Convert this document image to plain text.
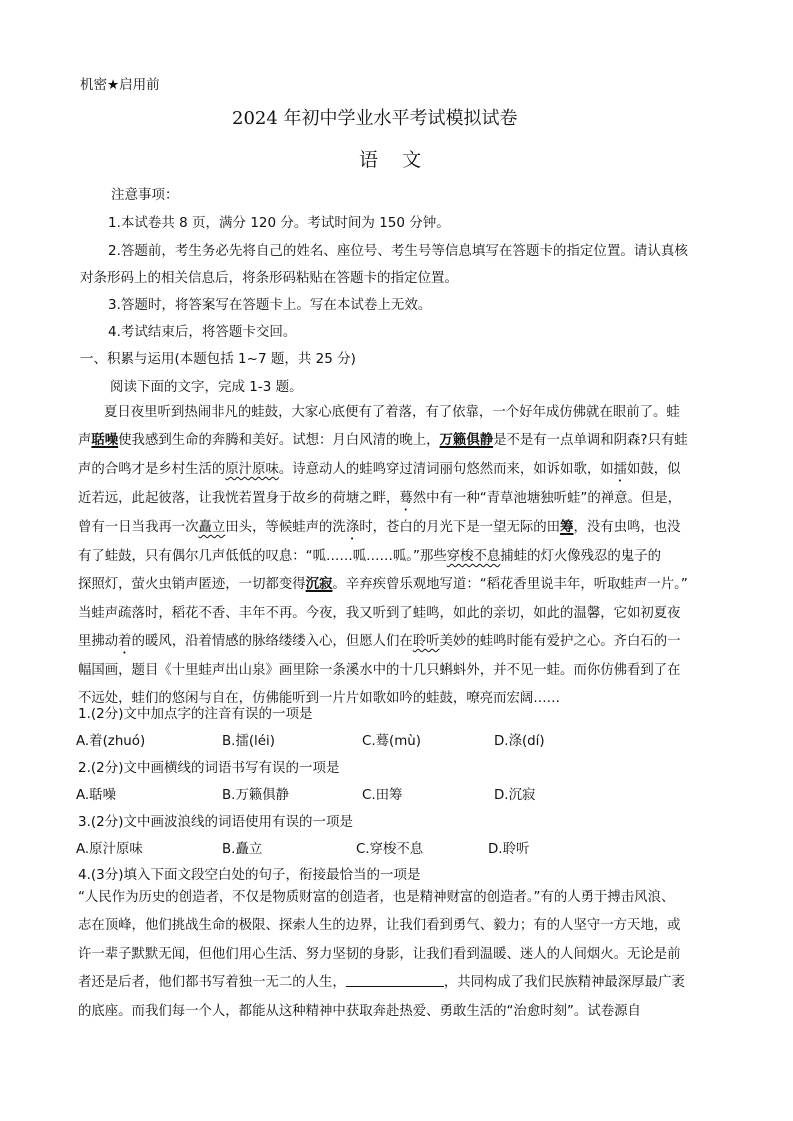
机密★启用前
2024 年初中学业水平考试模拟试卷
语    文
注意事项：
1.本试卷共 8 页，满分 120 分。考试时间为 150 分钟。
2.答题前，考生务必先将自己的姓名、座位号、考生号等信息填写在答题卡的指定位置。请认真核
对条形码上的相关信息后，将条形码粘贴在答题卡的指定位置。
3.答题时，将答案写在答题卡上。写在本试卷上无效。
4.考试结束后，将答题卡交回。
一、积累与运用(本题包括 1~7 题，共 25 分)
阅读下面的文字，完成 1-3 题。
夏日夜里听到热闹非凡的蛙鼓，大家心底便有了着落，有了依靠，一个好年成仿佛就在眼前了。蛙
声聒噪使我感到生命的奔腾和美好。试想：月白风清的晚上，万籁俱静是不是有一点单调和阴森?只有蛙
声的合鸣才是乡村生活的原汁原味。诗意动人的蛙鸣穿过清词丽句悠然而来，如诉如歌，如擂如鼓，似
近若远，此起彼落，让我恍若置身于故乡的荷塘之畔，蓦然中有一种“青草池塘独听蛙”的禅意。但是，
曾有一日当我再一次矗立田头，等候蛙声的洗涤时，苍白的月光下是一望无际的田筹，没有虫鸣，也没
有了蛙鼓，只有偶尔几声低低的叹息：“呱……呱……呱。”那些穿梭不息捕蛙的灯火像残忍的鬼子的
探照灯，萤火虫销声匿迹，一切都变得沉寂。辛弃疾曾乐观地写道：“稻花香里说丰年，听取蛙声一片。”
当蛙声疏落时，稻花不香、丰年不再。今夜，我又听到了蛙鸣，如此的亲切，如此的温馨，它如初夏夜
里拂动着的暖风，沿着情感的脉络缕缕入心，但愿人们在聆听美妙的蛙鸣时能有爱护之心。齐白石的一
幅国画，题目《十里蛙声出山泉》画里除一条溪水中的十几只蝌蚪外，并不见一蛙。而你仿佛看到了在
不远处，蛙们的悠闲与自在，仿佛能听到一片片如歌如吟的蛙鼓，嘹亮而宏阔……
1.(2分)文中加点字的注音有误的一项是
A.着(zhuó)	B.擂(léi)	C.蓦(mù)	D.涤(dí)
2.(2分)文中画横线的词语书写有误的一项是
A.聒噪	B.万籁俱静	C.田筹	D.沉寂
3.(2分)文中画波浪线的词语使用有误的一项是
A.原汁原味	B.矗立	C.穿梭不息	D.聆听
4.(3分)填入下面文段空白处的句子，衔接最恰当的一项是
“人民作为历史的创造者，不仅是物质财富的创造者，也是精神财富的创造者。”有的人勇于搏击风浪、
志在顶峰，他们挑战生命的极限、探索人生的边界，让我们看到勇气、毅力；有的人坚守一方天地，或
许一辈子默默无闻，但他们用心生活、努力坚韧的身影，让我们看到温暖、迷人的人间烟火。无论是前
者还是后者，他们都书写着独一无二的人生，	，共同构成了我们民族精神最深厚最广袤
的底座。而我们每一个人，都能从这种精神中获取奔赴热爱、勇敢生活的“治愈时刻”。试卷源自
